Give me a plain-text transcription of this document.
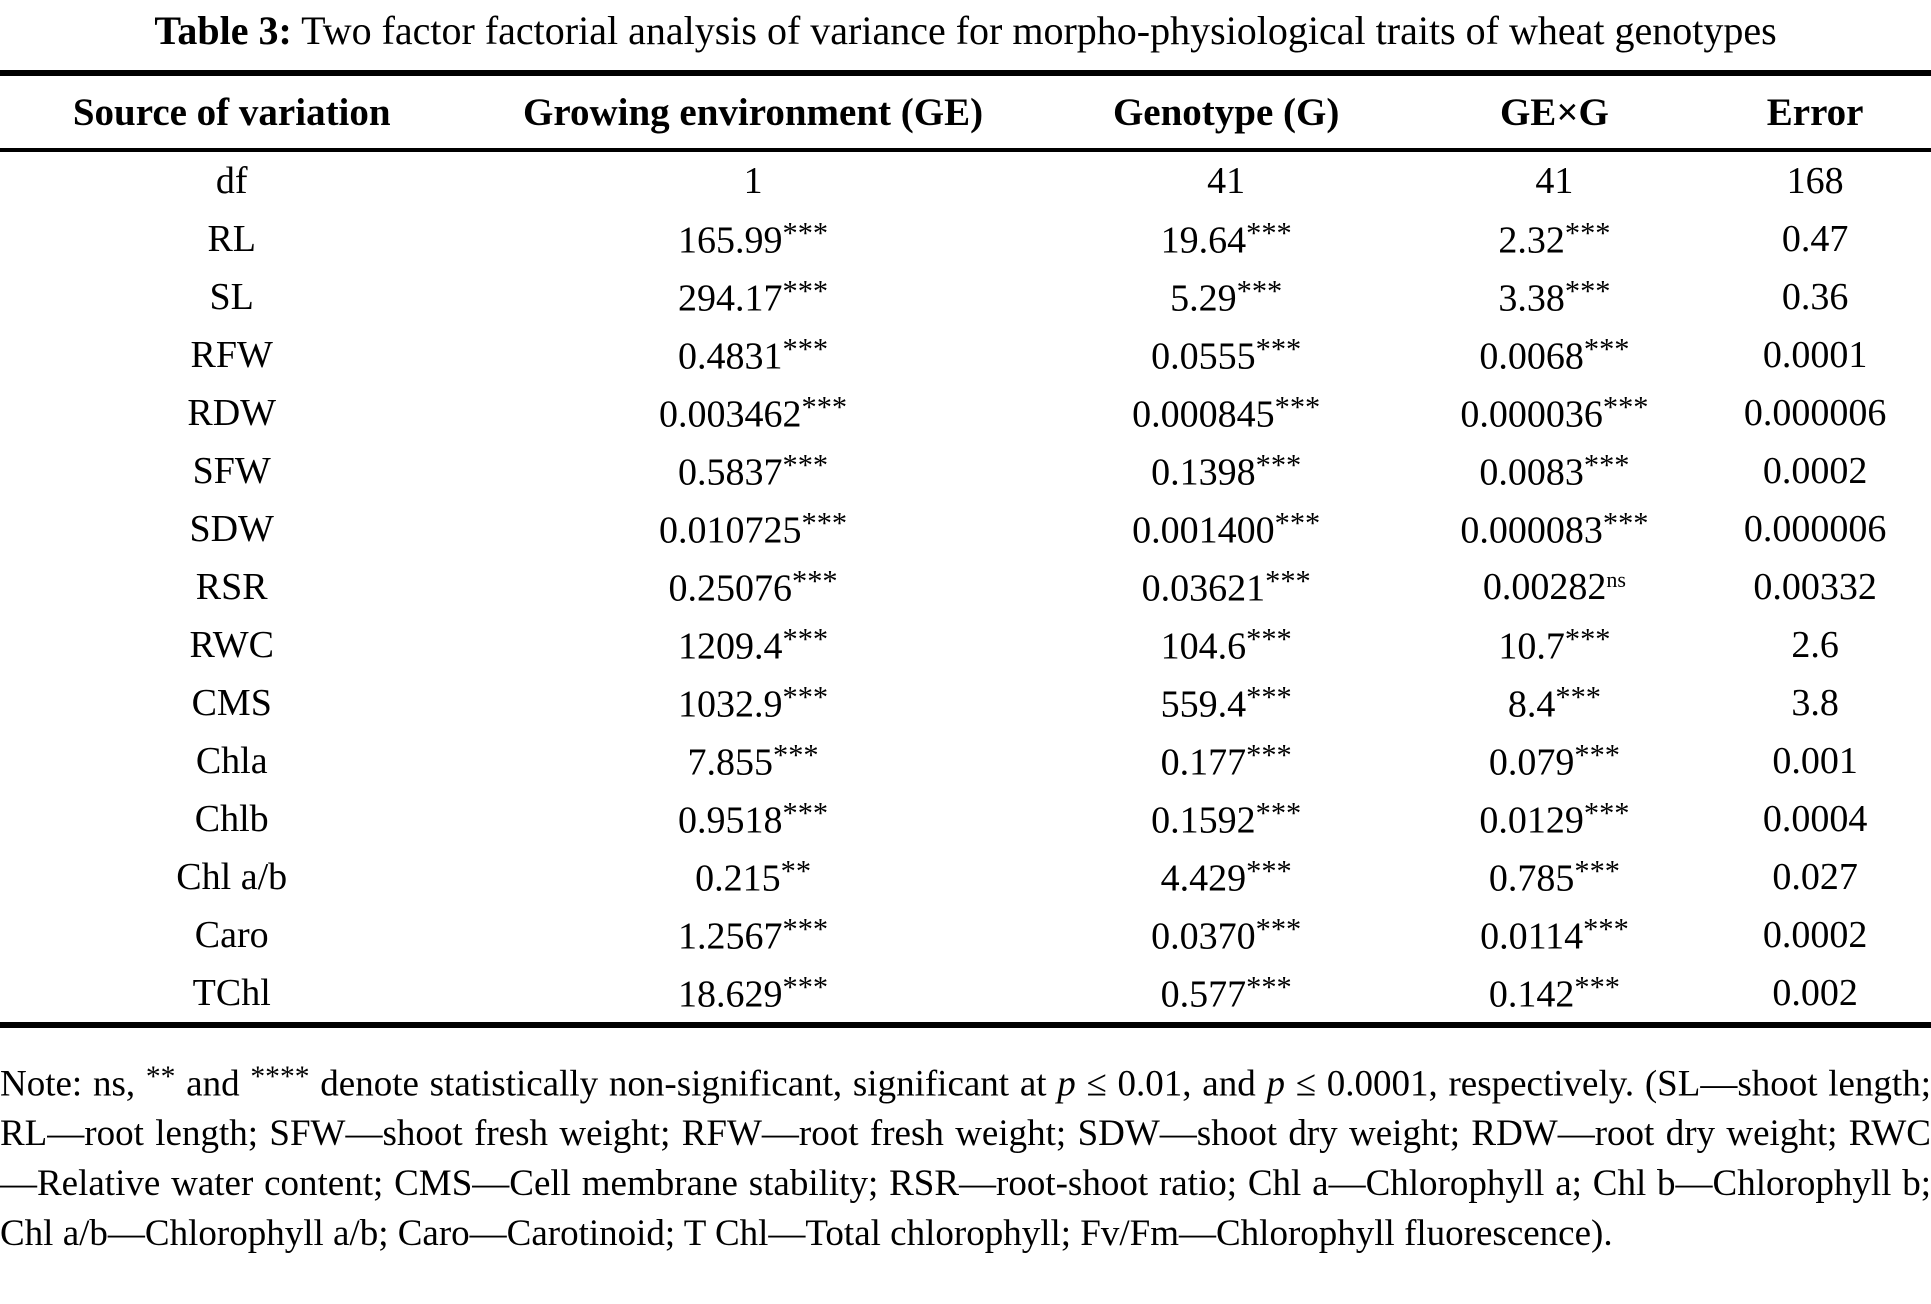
Table 3: Two factor factorial analysis of variance for morpho-physiological traits of wheat genotypes
Source of variation	Growing environment (GE)	Genotype (G)	GE×G	Error
df	1	41	41	168
RL	165.99***	19.64***	2.32***	0.47
SL	294.17***	5.29***	3.38***	0.36
RFW	0.4831***	0.0555***	0.0068***	0.0001
RDW	0.003462***	0.000845***	0.000036***	0.000006
SFW	0.5837***	0.1398***	0.0083***	0.0002
SDW	0.010725***	0.001400***	0.000083***	0.000006
RSR	0.25076***	0.03621***	$0.00282^{ns}$	0.00332
RWC	1209.4***	104.6***	10.7***	2.6
CMS	1032.9***	559.4***	8.4***	3.8
Chla	7.855***	0.177***	0.079***	0.001
Chlb	0.9518***	0.1592***	0.0129***	0.0004
Chl a/b	0.215**	4.429***	0.785***	0.027
Caro	1.2567***	0.0370***	0.0114***	0.0002
TChl	18.629***	0.577***	0.142***	0.002
Note: ns, ** and **** denote statistically non-significant, significant at p ≤ 0.01, and p ≤ 0.0001, respectively. (SL—shoot length; RL—root length; SFW—shoot fresh weight; RFW—root fresh weight; SDW—shoot dry weight; RDW—root dry weight; RWC—Relative water content; CMS—Cell membrane stability; RSR—root-shoot ratio; Chl a—Chlorophyll a; Chl b—Chlorophyll b; Chl a/b—Chlorophyll a/b; Caro—Carotinoid; T Chl—Total chlorophyll; Fv/Fm—Chlorophyll fluorescence).
